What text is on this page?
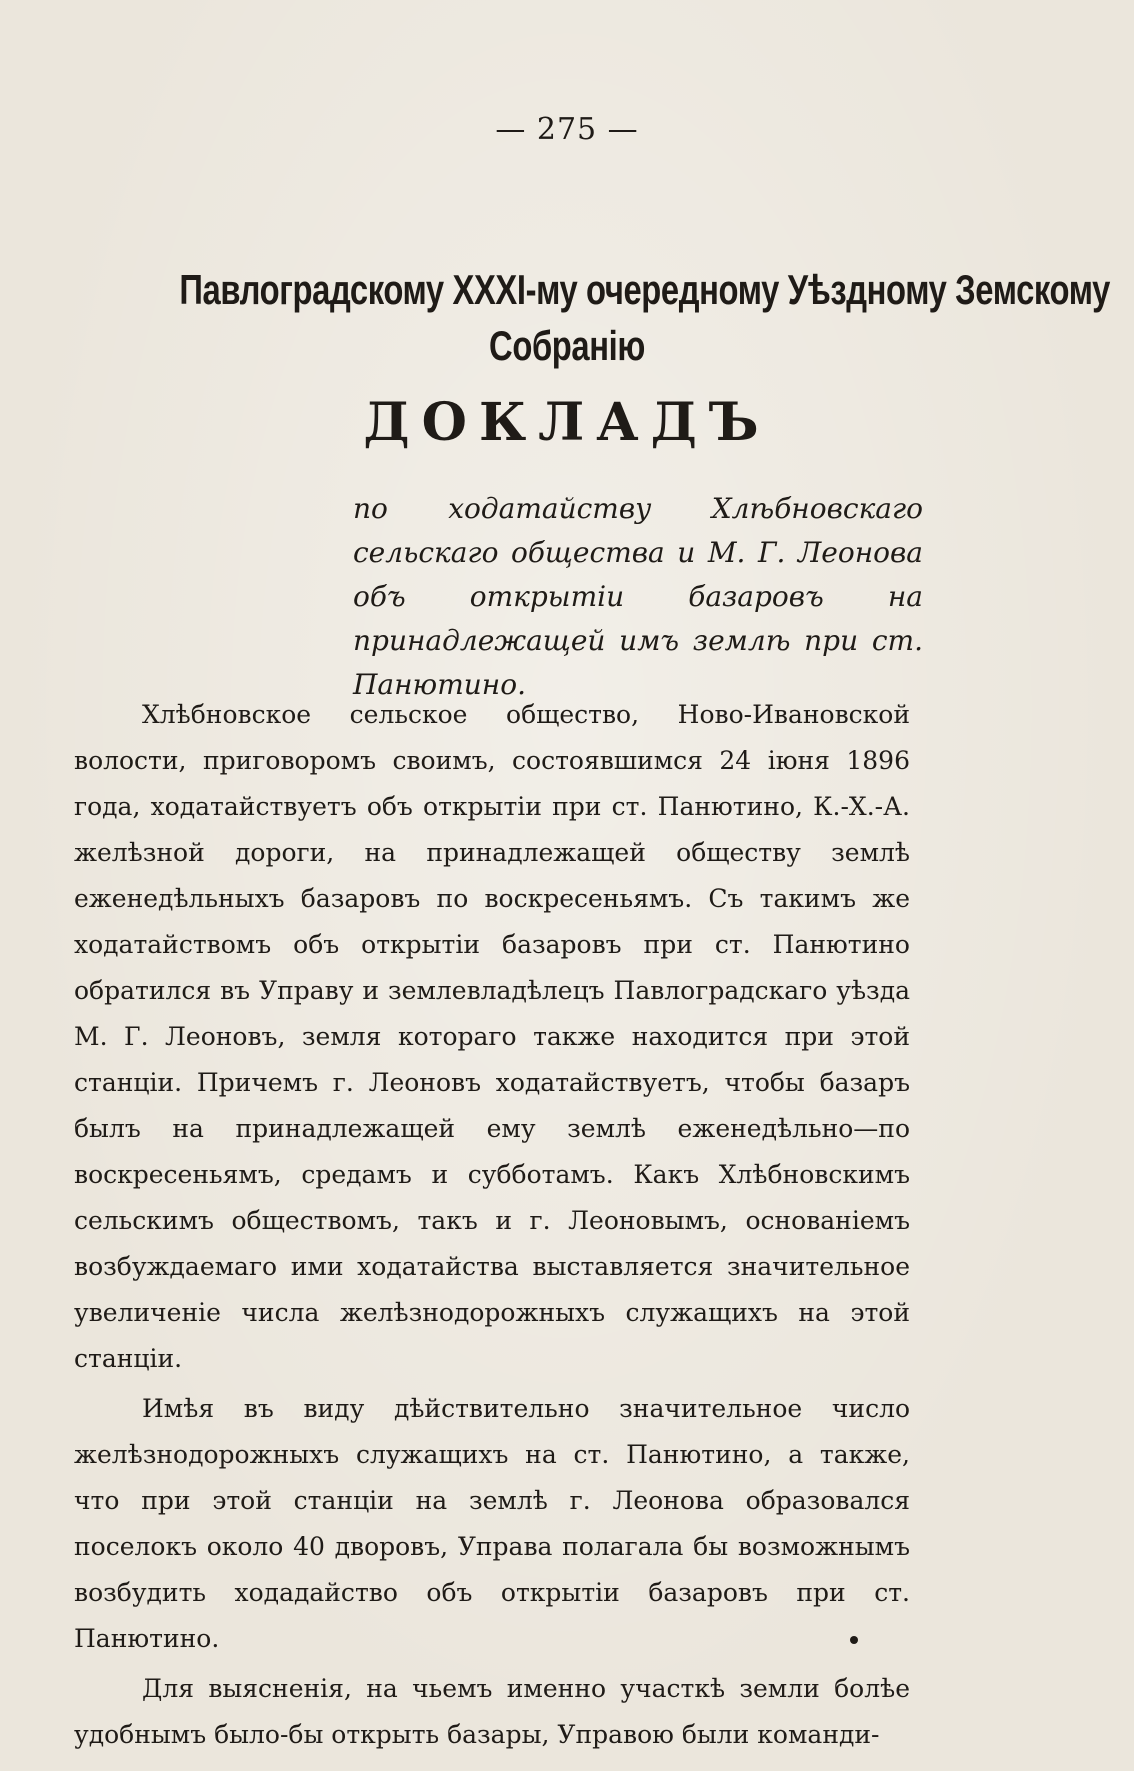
— 275 —
Павлоградскому XXXI-му очередному Уѣздному Земскому
Собранію
ДОКЛАДЪ
по ходатайству Хлѣбновскаго сельскаго общества и М. Г. Леонова объ открытіи базаровъ на принадлежащей имъ землѣ при ст. Панютино.

Хлѣбновское сельское общество, Ново-Ивановской волости, приговоромъ своимъ, состоявшимся 24 іюня 1896 года, ходатайствуетъ объ открытіи при ст. Панютино, К.-Х.-А. желѣзной дороги, на принадлежащей обществу землѣ еженедѣльныхъ базаровъ по воскресеньямъ. Съ такимъ же ходатайствомъ объ открытіи базаровъ при ст. Панютино обратился въ Управу и землевладѣлецъ Павлоградскаго уѣзда М. Г. Леоновъ, земля котораго также находится при этой станціи. Причемъ г. Леоновъ ходатайствуетъ, чтобы базаръ былъ на принадлежащей ему землѣ еженедѣльно—по воскресеньямъ, средамъ и субботамъ. Какъ Хлѣбновскимъ сельскимъ обществомъ, такъ и г. Леоновымъ, основаніемъ возбуждаемаго ими ходатайства выставляется значительное увеличеніе числа желѣзнодорожныхъ служащихъ на этой станціи.

Имѣя въ виду дѣйствительно значительное число желѣзнодорожныхъ служащихъ на ст. Панютино, а также, что при этой станціи на землѣ г. Леонова образовался поселокъ около 40 дворовъ, Управа полагала бы возможнымъ возбудить ходадайство объ открытіи базаровъ при ст. Панютино.

Для выясненія, на чьемъ именно участкѣ земли болѣе удобнымъ было-бы открыть базары, Управою были команди-
